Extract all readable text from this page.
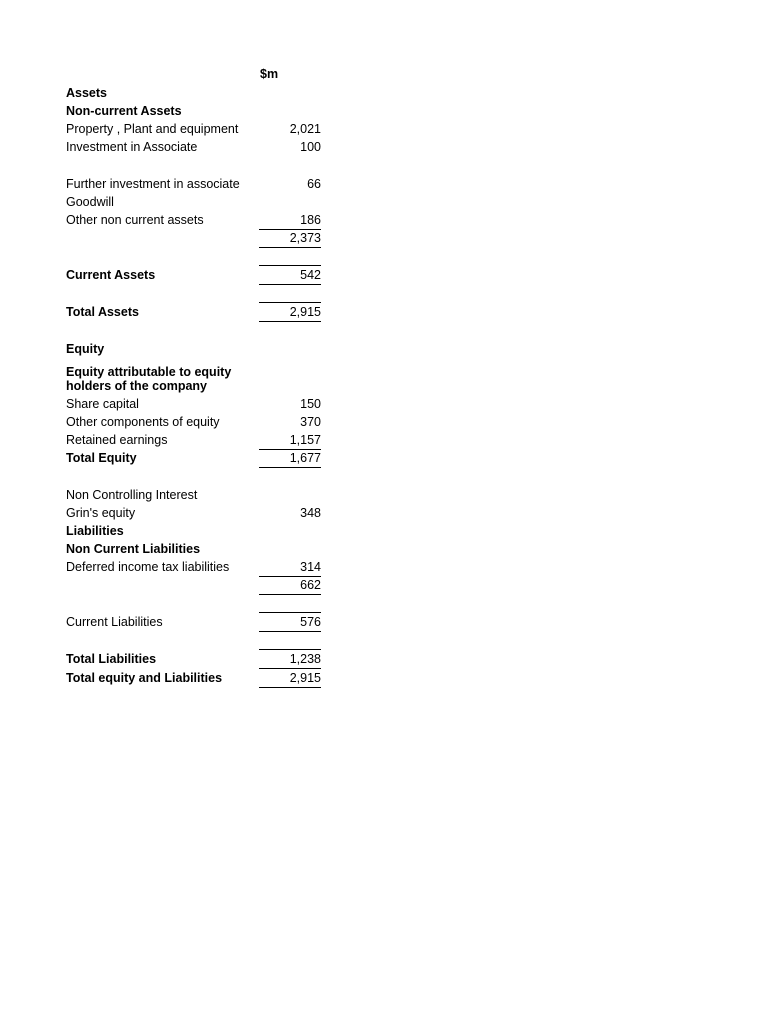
$m
Assets
Non-current Assets
Property , Plant and equipment	2,021
Investment in Associate	100
Further investment in associate	66
Goodwill
Other non current assets	186
2,373
Current Assets	542
Total Assets	2,915
Equity
Equity attributable to equity holders of the company
Share capital	150
Other components of equity	370
Retained earnings	1,157
Total Equity	1,677
Non Controlling Interest
Grin's equity	348
Liabilities
Non Current Liabilities
Deferred income tax liabilities	314
662
Current Liabilities	576
Total Liabilities	1,238
Total equity and Liabilities	2,915
